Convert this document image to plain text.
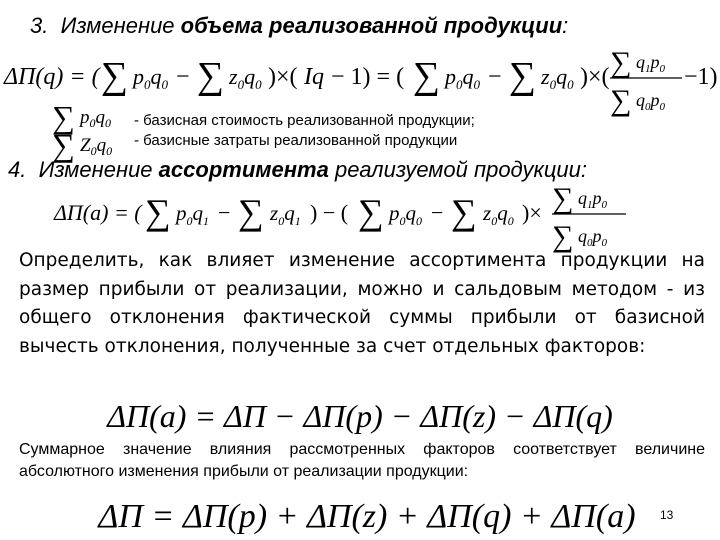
3. Изменение объема реализованной продукции:
ΔП(q) = ( ∑ $p_0q_0$ − ∑ $z_0q_0$ )×( Iq − 1) = ( ∑ $p_0q_0$ − ∑ $z_0q_0$ )×( ∑ $q_1p_0$
∑ $q_0p_0$
−1)
∑ $p_0q_0$
∑ $Z_0q_0$
- базисная стоимость реализованной продукции;
- базисные затраты реализованной продукции
4. Изменение ассортимента реализуемой продукции:
ΔП(a) = ( ∑ $p_0q_1$ − ∑ $z_0q_1$ ) − ( ∑ $p_0q_0$ − ∑ $z_0q_0$ )× ∑ $q_1p_0$
∑ $q_0p_0$
Определить, как влияет изменение ассортимента продукции на размер прибыли от реализации, можно и сальдовым методом - из общего отклонения фактической суммы прибыли от базисной вычесть отклонения, полученные за счет отдельных факторов:
ΔП(a) = ΔП − ΔП(p) − ΔП(z) − ΔП(q)
Суммарное значение влияния рассмотренных факторов соответствует величине абсолютного изменения прибыли от реализации продукции:
ΔП = ΔП(p) + ΔП(z) + ΔП(q) + ΔП(a) 13
